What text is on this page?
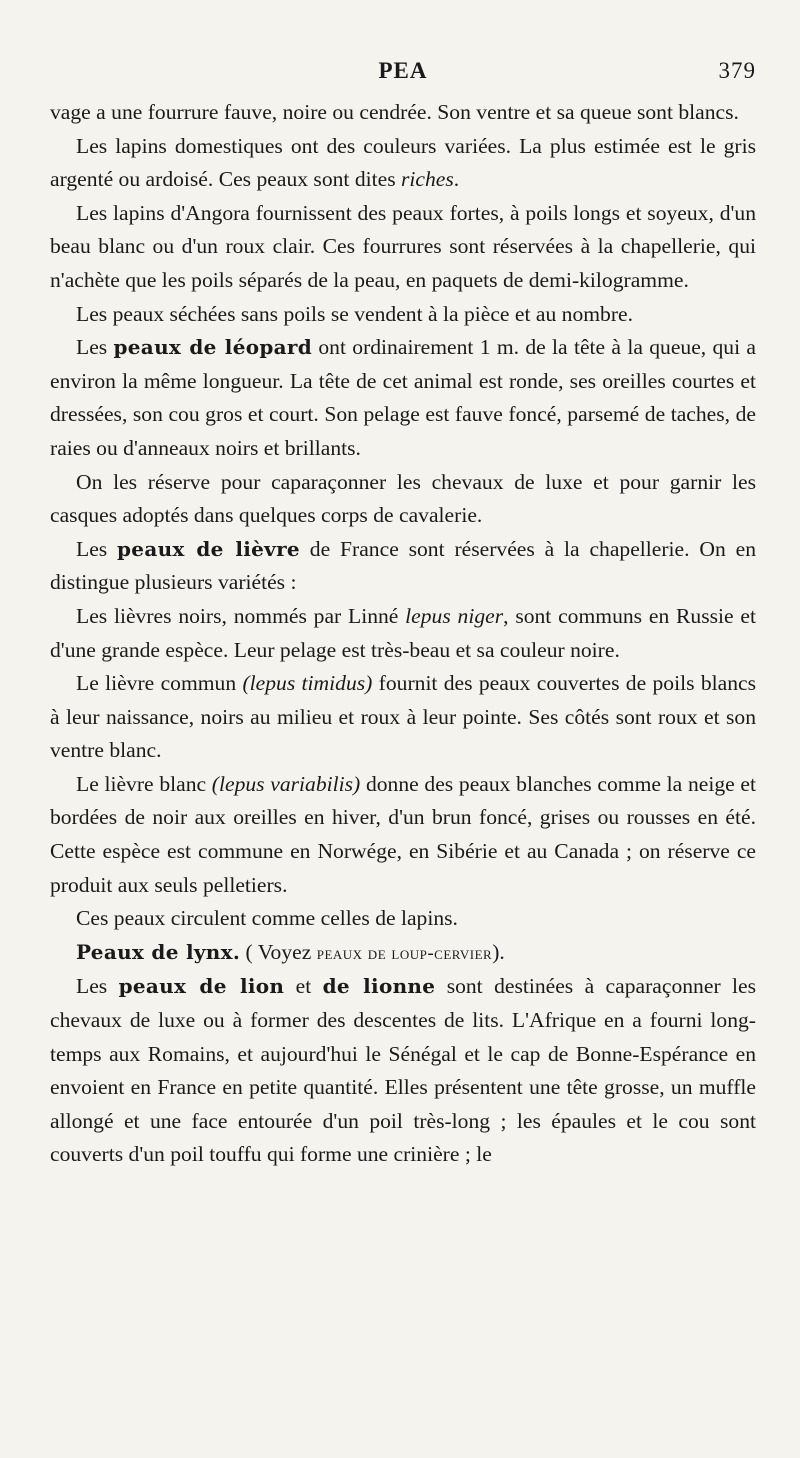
PEA	379

vage a une fourrure fauve, noire ou cendrée. Son ventre et sa queue sont blancs.

Les lapins domestiques ont des couleurs variées. La plus estimée est le gris argenté ou ardoisé. Ces peaux sont dites riches.

Les lapins d'Angora fournissent des peaux fortes, à poils longs et soyeux, d'un beau blanc ou d'un roux clair. Ces fourrures sont réservées à la chapellerie, qui n'achète que les poils séparés de la peau, en paquets de demi-kilogramme.

Les peaux séchées sans poils se vendent à la pièce et au nombre.

Les peaux de léopard ont ordinairement 1 m. de la tête à la queue, qui a environ la même longueur. La tête de cet animal est ronde, ses oreilles courtes et dressées, son cou gros et court. Son pelage est fauve foncé, parsemé de taches, de raies ou d'anneaux noirs et brillants.

On les réserve pour caparaçonner les chevaux de luxe et pour garnir les casques adoptés dans quelques corps de cavalerie.

Les peaux de lièvre de France sont réservées à la chapellerie. On en distingue plusieurs variétés :

Les lièvres noirs, nommés par Linné lepus niger, sont communs en Russie et d'une grande espèce. Leur pelage est très-beau et sa couleur noire.

Le lièvre commun (lepus timidus) fournit des peaux couvertes de poils blancs à leur naissance, noirs au milieu et roux à leur pointe. Ses côtés sont roux et son ventre blanc.

Le lièvre blanc (lepus variabilis) donne des peaux blanches comme la neige et bordées de noir aux oreilles en hiver, d'un brun foncé, grises ou rousses en été. Cette espèce est commune en Norwége, en Sibérie et au Canada ; on réserve ce produit aux seuls pelletiers.

Ces peaux circulent comme celles de lapins.

Peaux de lynx. ( Voyez peaux de loup-cervier).

Les peaux de lion et de lionne sont destinées à caparaçonner les chevaux de luxe ou à former des descentes de lits. L'Afrique en a fourni long-temps aux Romains, et aujourd'hui le Sénégal et le cap de Bonne-Espérance en envoient en France en petite quantité. Elles présentent une tête grosse, un muffle allongé et une face entourée d'un poil très-long ; les épaules et le cou sont couverts d'un poil touffu qui forme une crinière ; le
